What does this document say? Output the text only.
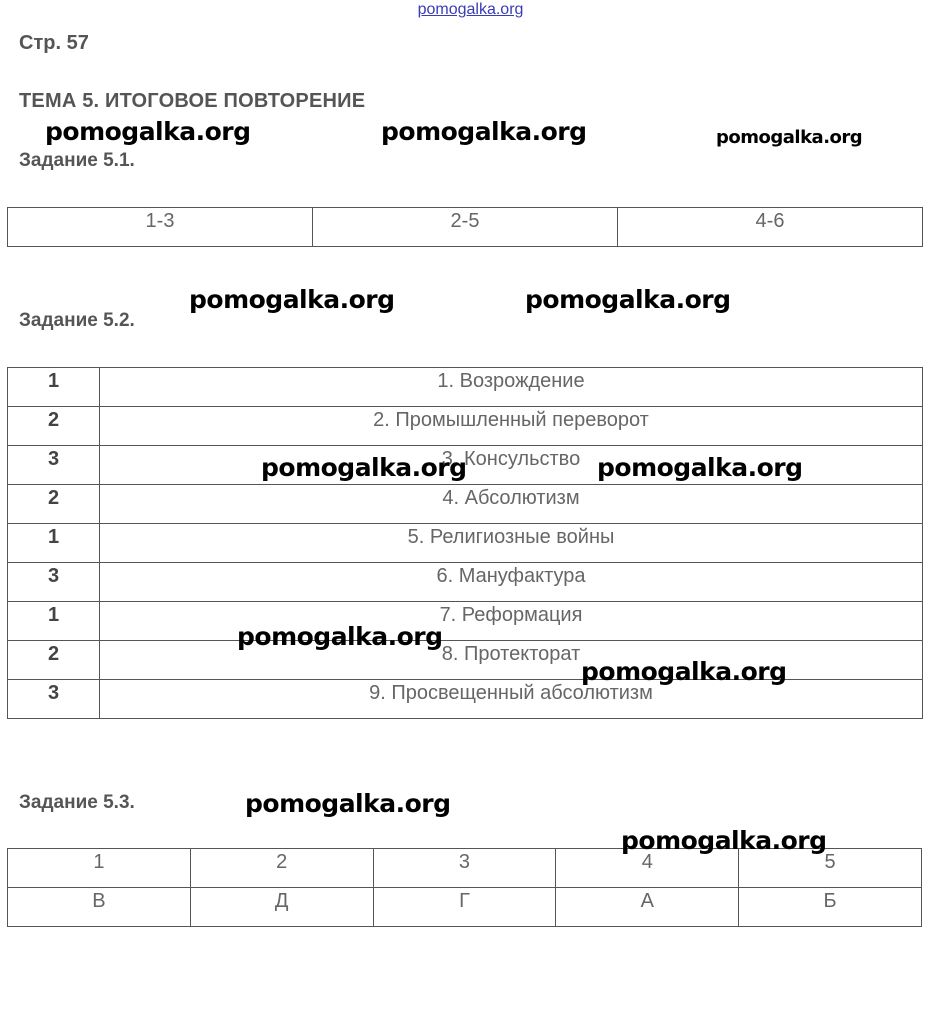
pomogalka.org
Стр. 57
ТЕМА 5. ИТОГОВОЕ ПОВТОРЕНИЕ
Задание 5.1.
1-3	2-5	4-6
Задание 5.2.
1	1. Возрождение
2	2. Промышленный переворот
3	3. Консульство
2	4. Абсолютизм
1	5. Религиозные войны
3	6. Мануфактура
1	7. Реформация
2	8. Протекторат
3	9. Просвещенный абсолютизм
Задание 5.3.
1	2	3	4	5
В	Д	Г	А	Б
pomogalka.org	pomogalka.org	pomogalka.org
pomogalka.org	pomogalka.org
pomogalka.org	pomogalka.org
pomogalka.org
pomogalka.org
pomogalka.org
pomogalka.org
